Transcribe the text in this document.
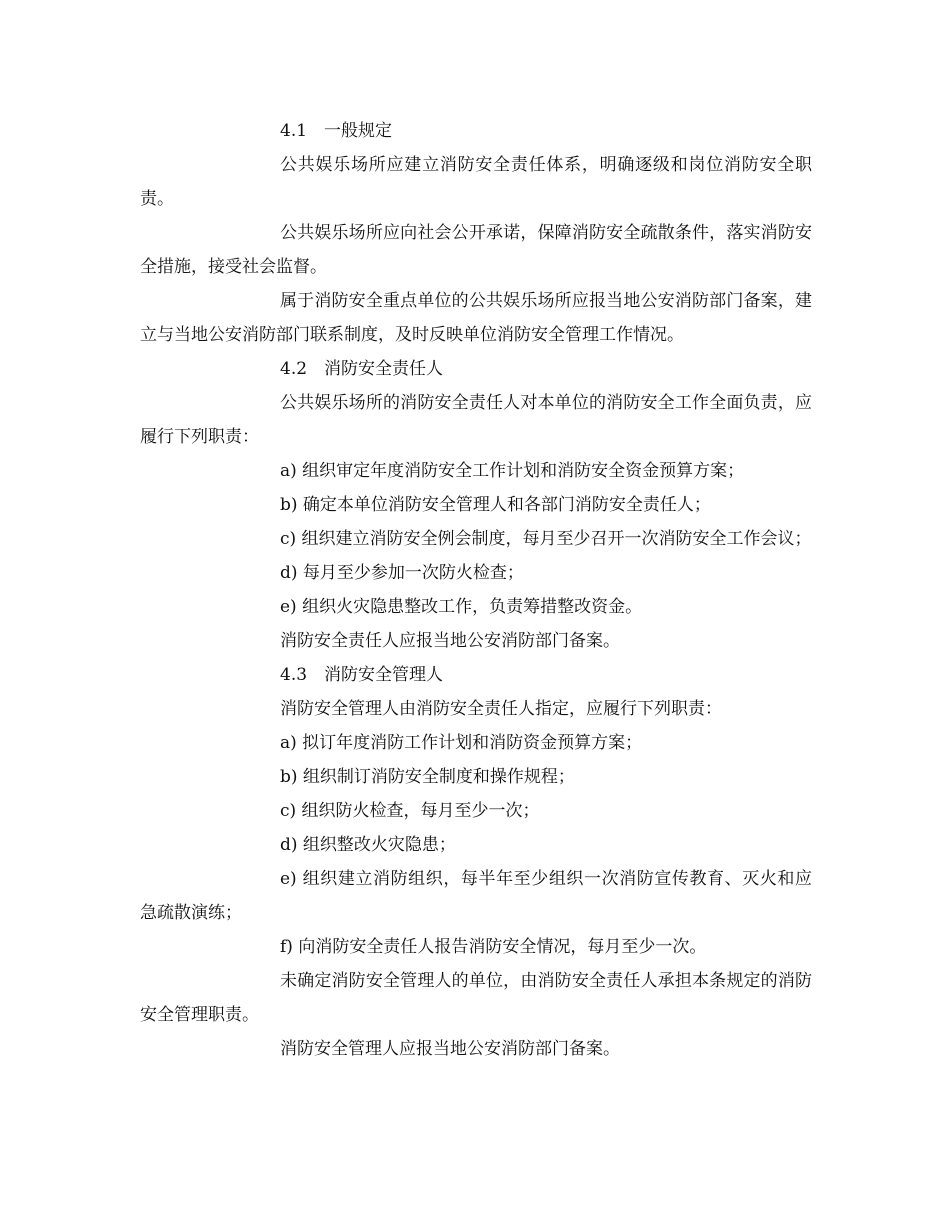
4.1　一般规定

公共娱乐场所应建立消防安全责任体系，明确逐级和岗位消防安全职责。

公共娱乐场所应向社会公开承诺，保障消防安全疏散条件，落实消防安全措施，接受社会监督。

属于消防安全重点单位的公共娱乐场所应报当地公安消防部门备案，建立与当地公安消防部门联系制度，及时反映单位消防安全管理工作情况。

4.2　消防安全责任人

公共娱乐场所的消防安全责任人对本单位的消防安全工作全面负责，应履行下列职责：

a) 组织审定年度消防安全工作计划和消防安全资金预算方案；

b) 确定本单位消防安全管理人和各部门消防安全责任人；

c) 组织建立消防安全例会制度，每月至少召开一次消防安全工作会议；

d) 每月至少参加一次防火检查；

e) 组织火灾隐患整改工作，负责筹措整改资金。

消防安全责任人应报当地公安消防部门备案。

4.3　消防安全管理人

消防安全管理人由消防安全责任人指定，应履行下列职责：

a) 拟订年度消防工作计划和消防资金预算方案；

b) 组织制订消防安全制度和操作规程；

c) 组织防火检查，每月至少一次；

d) 组织整改火灾隐患；

e) 组织建立消防组织，每半年至少组织一次消防宣传教育、灭火和应急疏散演练；

f) 向消防安全责任人报告消防安全情况，每月至少一次。

未确定消防安全管理人的单位，由消防安全责任人承担本条规定的消防安全管理职责。

消防安全管理人应报当地公安消防部门备案。
